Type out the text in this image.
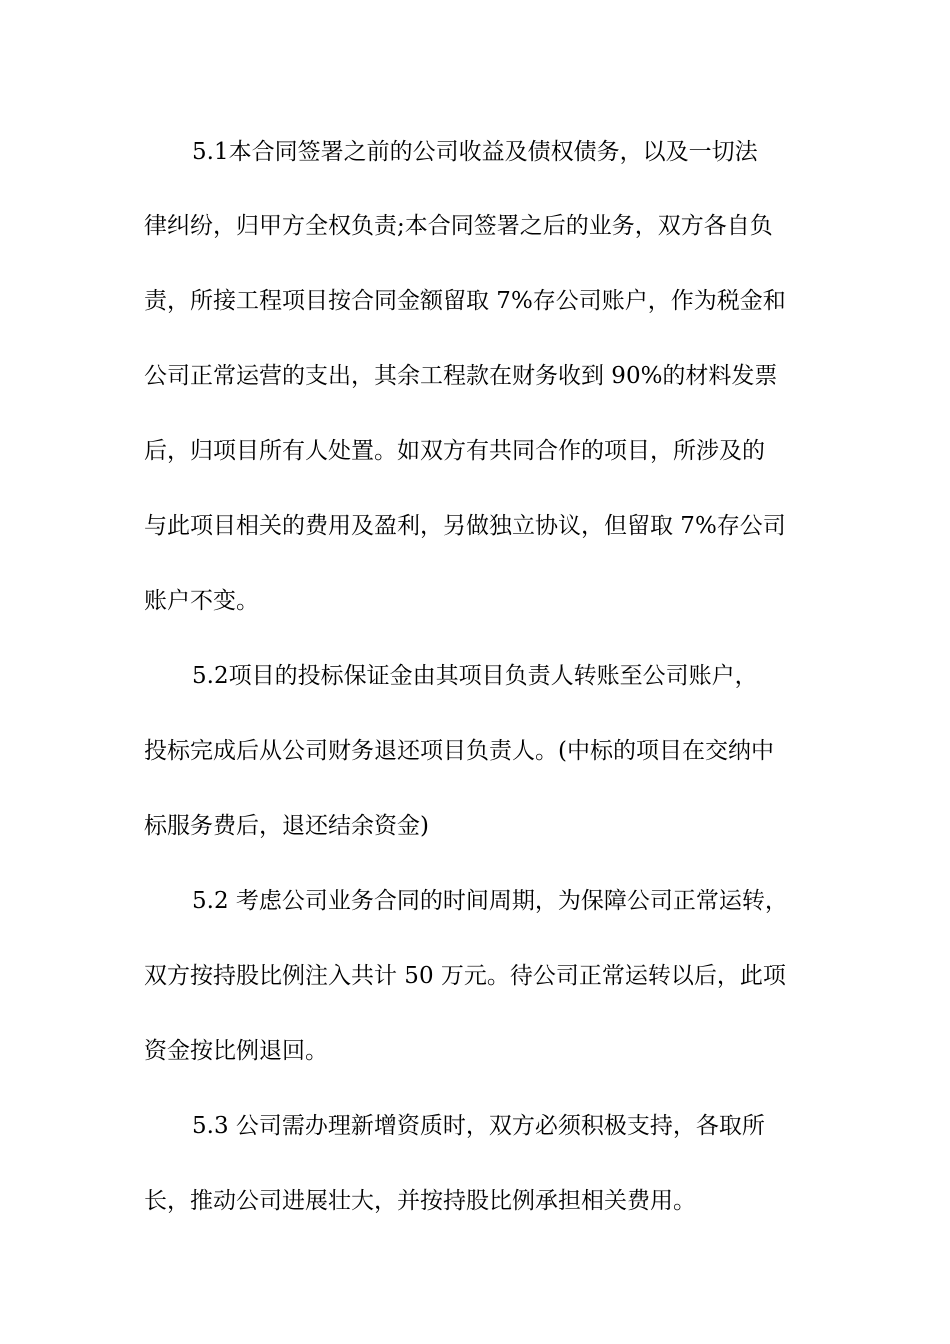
5.1本合同签署之前的公司收益及债权债务，以及一切法
律纠纷，归甲方全权负责;本合同签署之后的业务，双方各自负
责，所接工程项目按合同金额留取 7%存公司账户，作为税金和
公司正常运营的支出，其余工程款在财务收到 90%的材料发票
后，归项目所有人处置。如双方有共同合作的项目，所涉及的
与此项目相关的费用及盈利，另做独立协议，但留取 7%存公司
账户不变。
5.2项目的投标保证金由其项目负责人转账至公司账户，
投标完成后从公司财务退还项目负责人。(中标的项目在交纳中
标服务费后，退还结余资金)
5.2 考虑公司业务合同的时间周期，为保障公司正常运转，
双方按持股比例注入共计 50 万元。待公司正常运转以后，此项
资金按比例退回。
5.3 公司需办理新增资质时，双方必须积极支持，各取所
长，推动公司进展壮大，并按持股比例承担相关费用。
